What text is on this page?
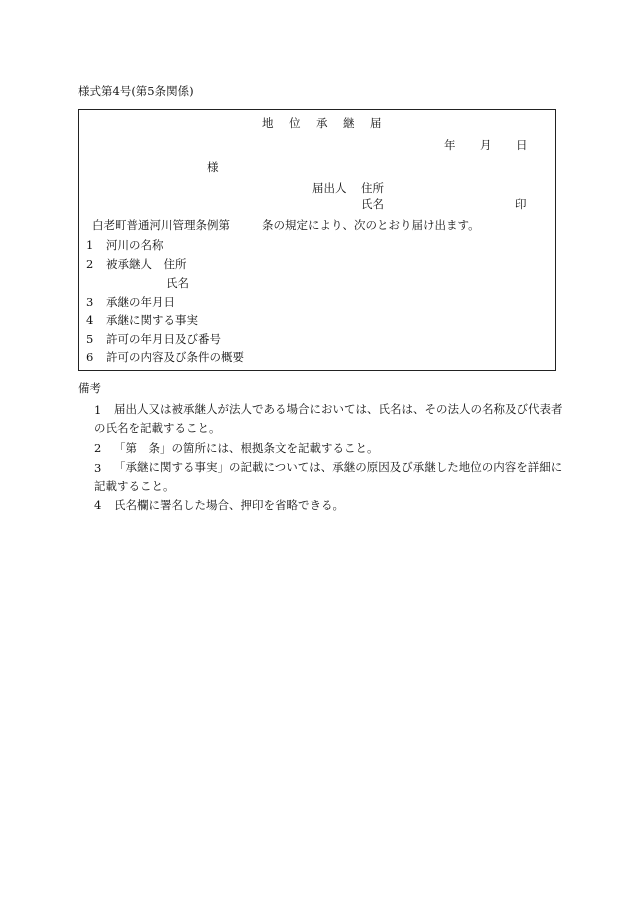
様式第4号(第5条関係)
地　位　承　継　届
年 月 日
様
届出人 住所
氏名	印
白老町普通河川管理条例第	条の規定により、次のとおり届け出ます。
1 河川の名称
2 被承継人　住所
氏名
3 承継の年月日
4 承継に関する事実
5 許可の年月日及び番号
6 許可の内容及び条件の概要
備考
1	届出人又は被承継人が法人である場合においては、氏名は、その法人の名称及び代表者の氏名を記載すること。
2 「第　条」の箇所には、根拠条文を記載すること。
3	「承継に関する事実」の記載については、承継の原因及び承継した地位の内容を詳細に記載すること。
4 氏名欄に署名した場合、押印を省略できる。
